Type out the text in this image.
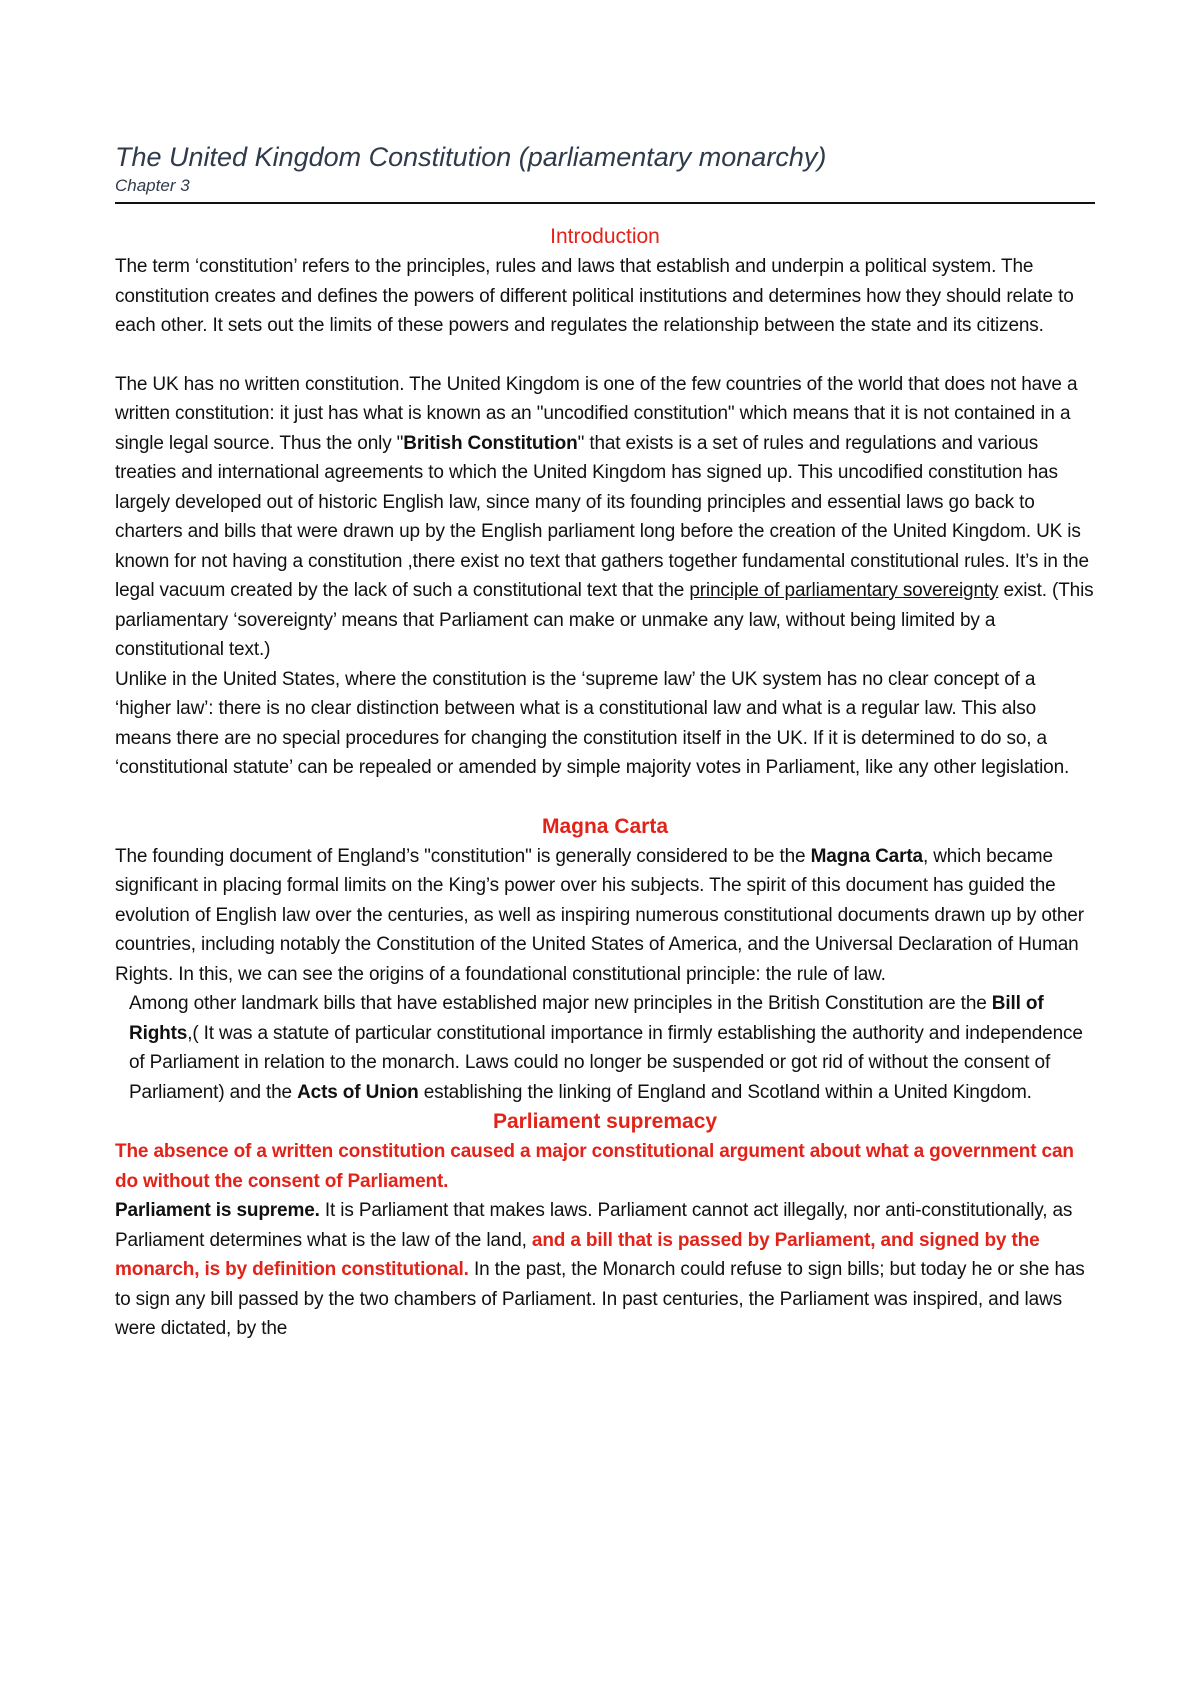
The United Kingdom Constitution (parliamentary monarchy)

Chapter 3

Introduction

The term ‘constitution’ refers to the principles, rules and laws that establish and underpin a political system. The constitution creates and defines the powers of different political institutions and determines how they should relate to each other. It sets out the limits of these powers and regulates the relationship between the state and its citizens.

The UK has no written constitution. The United Kingdom is one of the few countries of the world that does not have a written constitution: it just has what is known as an "uncodified constitution" which means that it is not contained in a single legal source. Thus the only "British Constitution" that exists is a set of rules and regulations and various treaties and international agreements to which the United Kingdom has signed up. This uncodified constitution has largely developed out of historic English law, since many of its founding principles and essential laws go back to charters and bills that were drawn up by the English parliament long before the creation of the United Kingdom. UK is known for not having a constitution ,there exist no text that gathers together fundamental constitutional rules. It’s in the legal vacuum created by the lack of such a constitutional text that the principle of parliamentary sovereignty exist. (This parliamentary ‘sovereignty’ means that Parliament can make or unmake any law, without being limited by a constitutional text.)

Unlike in the United States, where the constitution is the ‘supreme law’ the UK system has no clear concept of a ‘higher law’: there is no clear distinction between what is a constitutional law and what is a regular law. This also means there are no special procedures for changing the constitution itself in the UK. If it is determined to do so, a ‘constitutional statute’ can be repealed or amended by simple majority votes in Parliament, like any other legislation.

Magna Carta

The founding document of England’s "constitution" is generally considered to be the Magna Carta, which became significant in placing formal limits on the King’s power over his subjects. The spirit of this document has guided the evolution of English law over the centuries, as well as inspiring numerous constitutional documents drawn up by other countries, including notably the Constitution of the United States of America, and the Universal Declaration of Human Rights. In this, we can see the origins of a foundational constitutional principle: the rule of law.

Among other landmark bills that have established major new principles in the British Constitution are the Bill of Rights,( It was a statute of particular constitutional importance in firmly establishing the authority and independence of Parliament in relation to the monarch. Laws could no longer be suspended or got rid of without the consent of Parliament) and the Acts of Union establishing the linking of England and Scotland within a United Kingdom.

Parliament supremacy

The absence of a written constitution caused a major constitutional argument about what a government can do without the consent of Parliament.

Parliament is supreme. It is Parliament that makes laws. Parliament cannot act illegally, nor anti-constitutionally, as Parliament determines what is the law of the land, and a bill that is passed by Parliament, and signed by the monarch, is by definition constitutional. In the past, the Monarch could refuse to sign bills; but today he or she has to sign any bill passed by the two chambers of Parliament. In past centuries, the Parliament was inspired, and laws were dictated, by the
